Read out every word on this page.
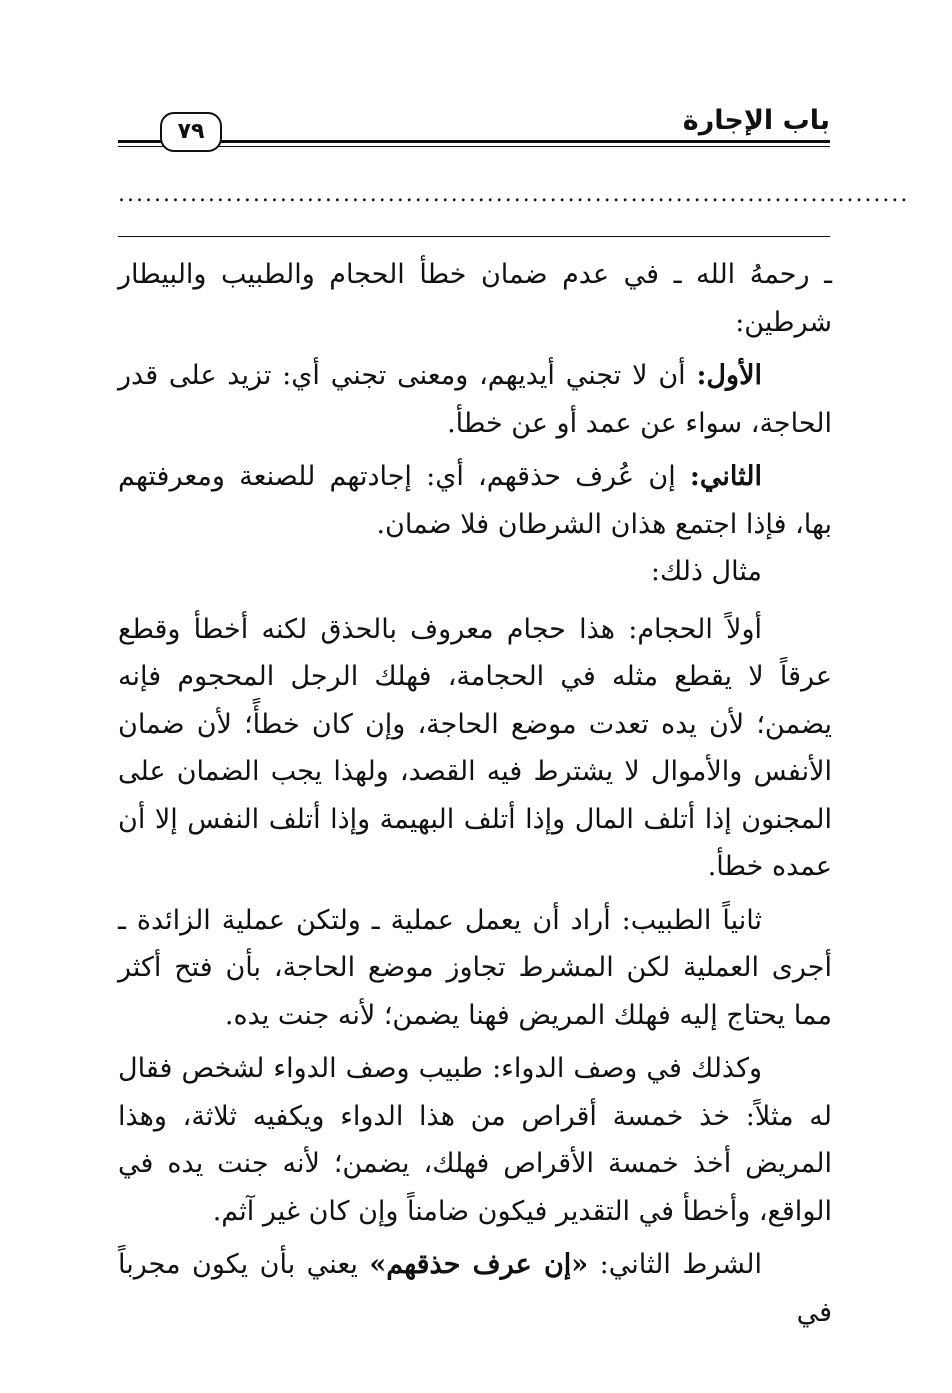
باب الإجارة
٧٩
........................................................................................

ـ رحمهُ الله ـ في عدم ضمان خطأ الحجام والطبيب والبيطار شرطين:

الأول: أن لا تجني أيديهم، ومعنى تجني أي: تزيد على قدر الحاجة، سواء عن عمد أو عن خطأ.

الثاني: إن عُرف حذقهم، أي: إجادتهم للصنعة ومعرفتهم بها، فإذا اجتمع هذان الشرطان فلا ضمان.

مثال ذلك:

أولاً الحجام: هذا حجام معروف بالحذق لكنه أخطأ وقطع عرقاً لا يقطع مثله في الحجامة، فهلك الرجل المحجوم فإنه يضمن؛ لأن يده تعدت موضع الحاجة، وإن كان خطأً؛ لأن ضمان الأنفس والأموال لا يشترط فيه القصد، ولهذا يجب الضمان على المجنون إذا أتلف المال وإذا أتلف البهيمة وإذا أتلف النفس إلا أن عمده خطأ.

ثانياً الطبيب: أراد أن يعمل عملية ـ ولتكن عملية الزائدة ـ أجرى العملية لكن المشرط تجاوز موضع الحاجة، بأن فتح أكثر مما يحتاج إليه فهلك المريض فهنا يضمن؛ لأنه جنت يده.

وكذلك في وصف الدواء: طبيب وصف الدواء لشخص فقال له مثلاً: خذ خمسة أقراص من هذا الدواء ويكفيه ثلاثة، وهذا المريض أخذ خمسة الأقراص فهلك، يضمن؛ لأنه جنت يده في الواقع، وأخطأ في التقدير فيكون ضامناً وإن كان غير آثم.

الشرط الثاني: «إن عرف حذقهم» يعني بأن يكون مجرباً في
